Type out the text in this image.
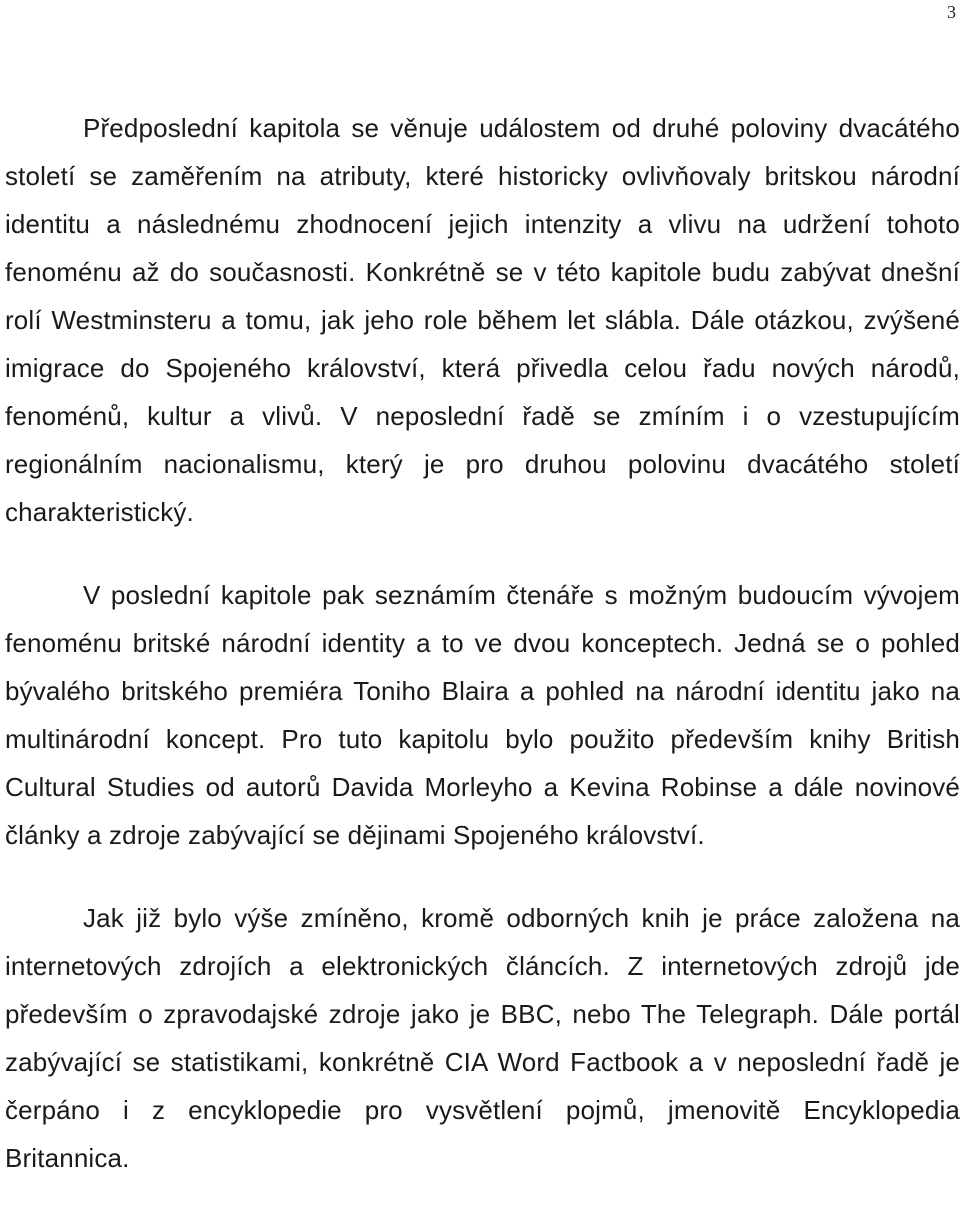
3

Předposlední kapitola se věnuje událostem od druhé poloviny dvacátého století se zaměřením na atributy, které historicky ovlivňovaly britskou národní identitu a následnému zhodnocení jejich intenzity a vlivu na udržení tohoto fenoménu až do současnosti. Konkrétně se v této kapitole budu zabývat dnešní rolí Westminsteru a tomu, jak jeho role během let slábla. Dále otázkou, zvýšené imigrace do Spojeného království, která přivedla celou řadu nových národů, fenoménů, kultur a vlivů. V neposlední řadě se zmíním i o vzestupujícím regionálním nacionalismu, který je pro druhou polovinu dvacátého století charakteristický.

V poslední kapitole pak seznámím čtenáře s možným budoucím vývojem fenoménu britské národní identity a to ve dvou konceptech. Jedná se o pohled bývalého britského premiéra Toniho Blaira a pohled na národní identitu jako na multinárodní koncept. Pro tuto kapitolu bylo použito především knihy British Cultural Studies od autorů Davida Morleyho a Kevina Robinse a dále novinové články a zdroje zabývající se dějinami Spojeného království.

Jak již bylo výše zmíněno, kromě odborných knih je práce založena na internetových zdrojích a elektronických článcích. Z internetových zdrojů jde především o zpravodajské zdroje jako je BBC, nebo The Telegraph. Dále portál zabývající se statistikami, konkrétně CIA Word Factbook a v neposlední řadě je čerpáno i z encyklopedie pro vysvětlení pojmů, jmenovitě Encyklopedia Britannica.
